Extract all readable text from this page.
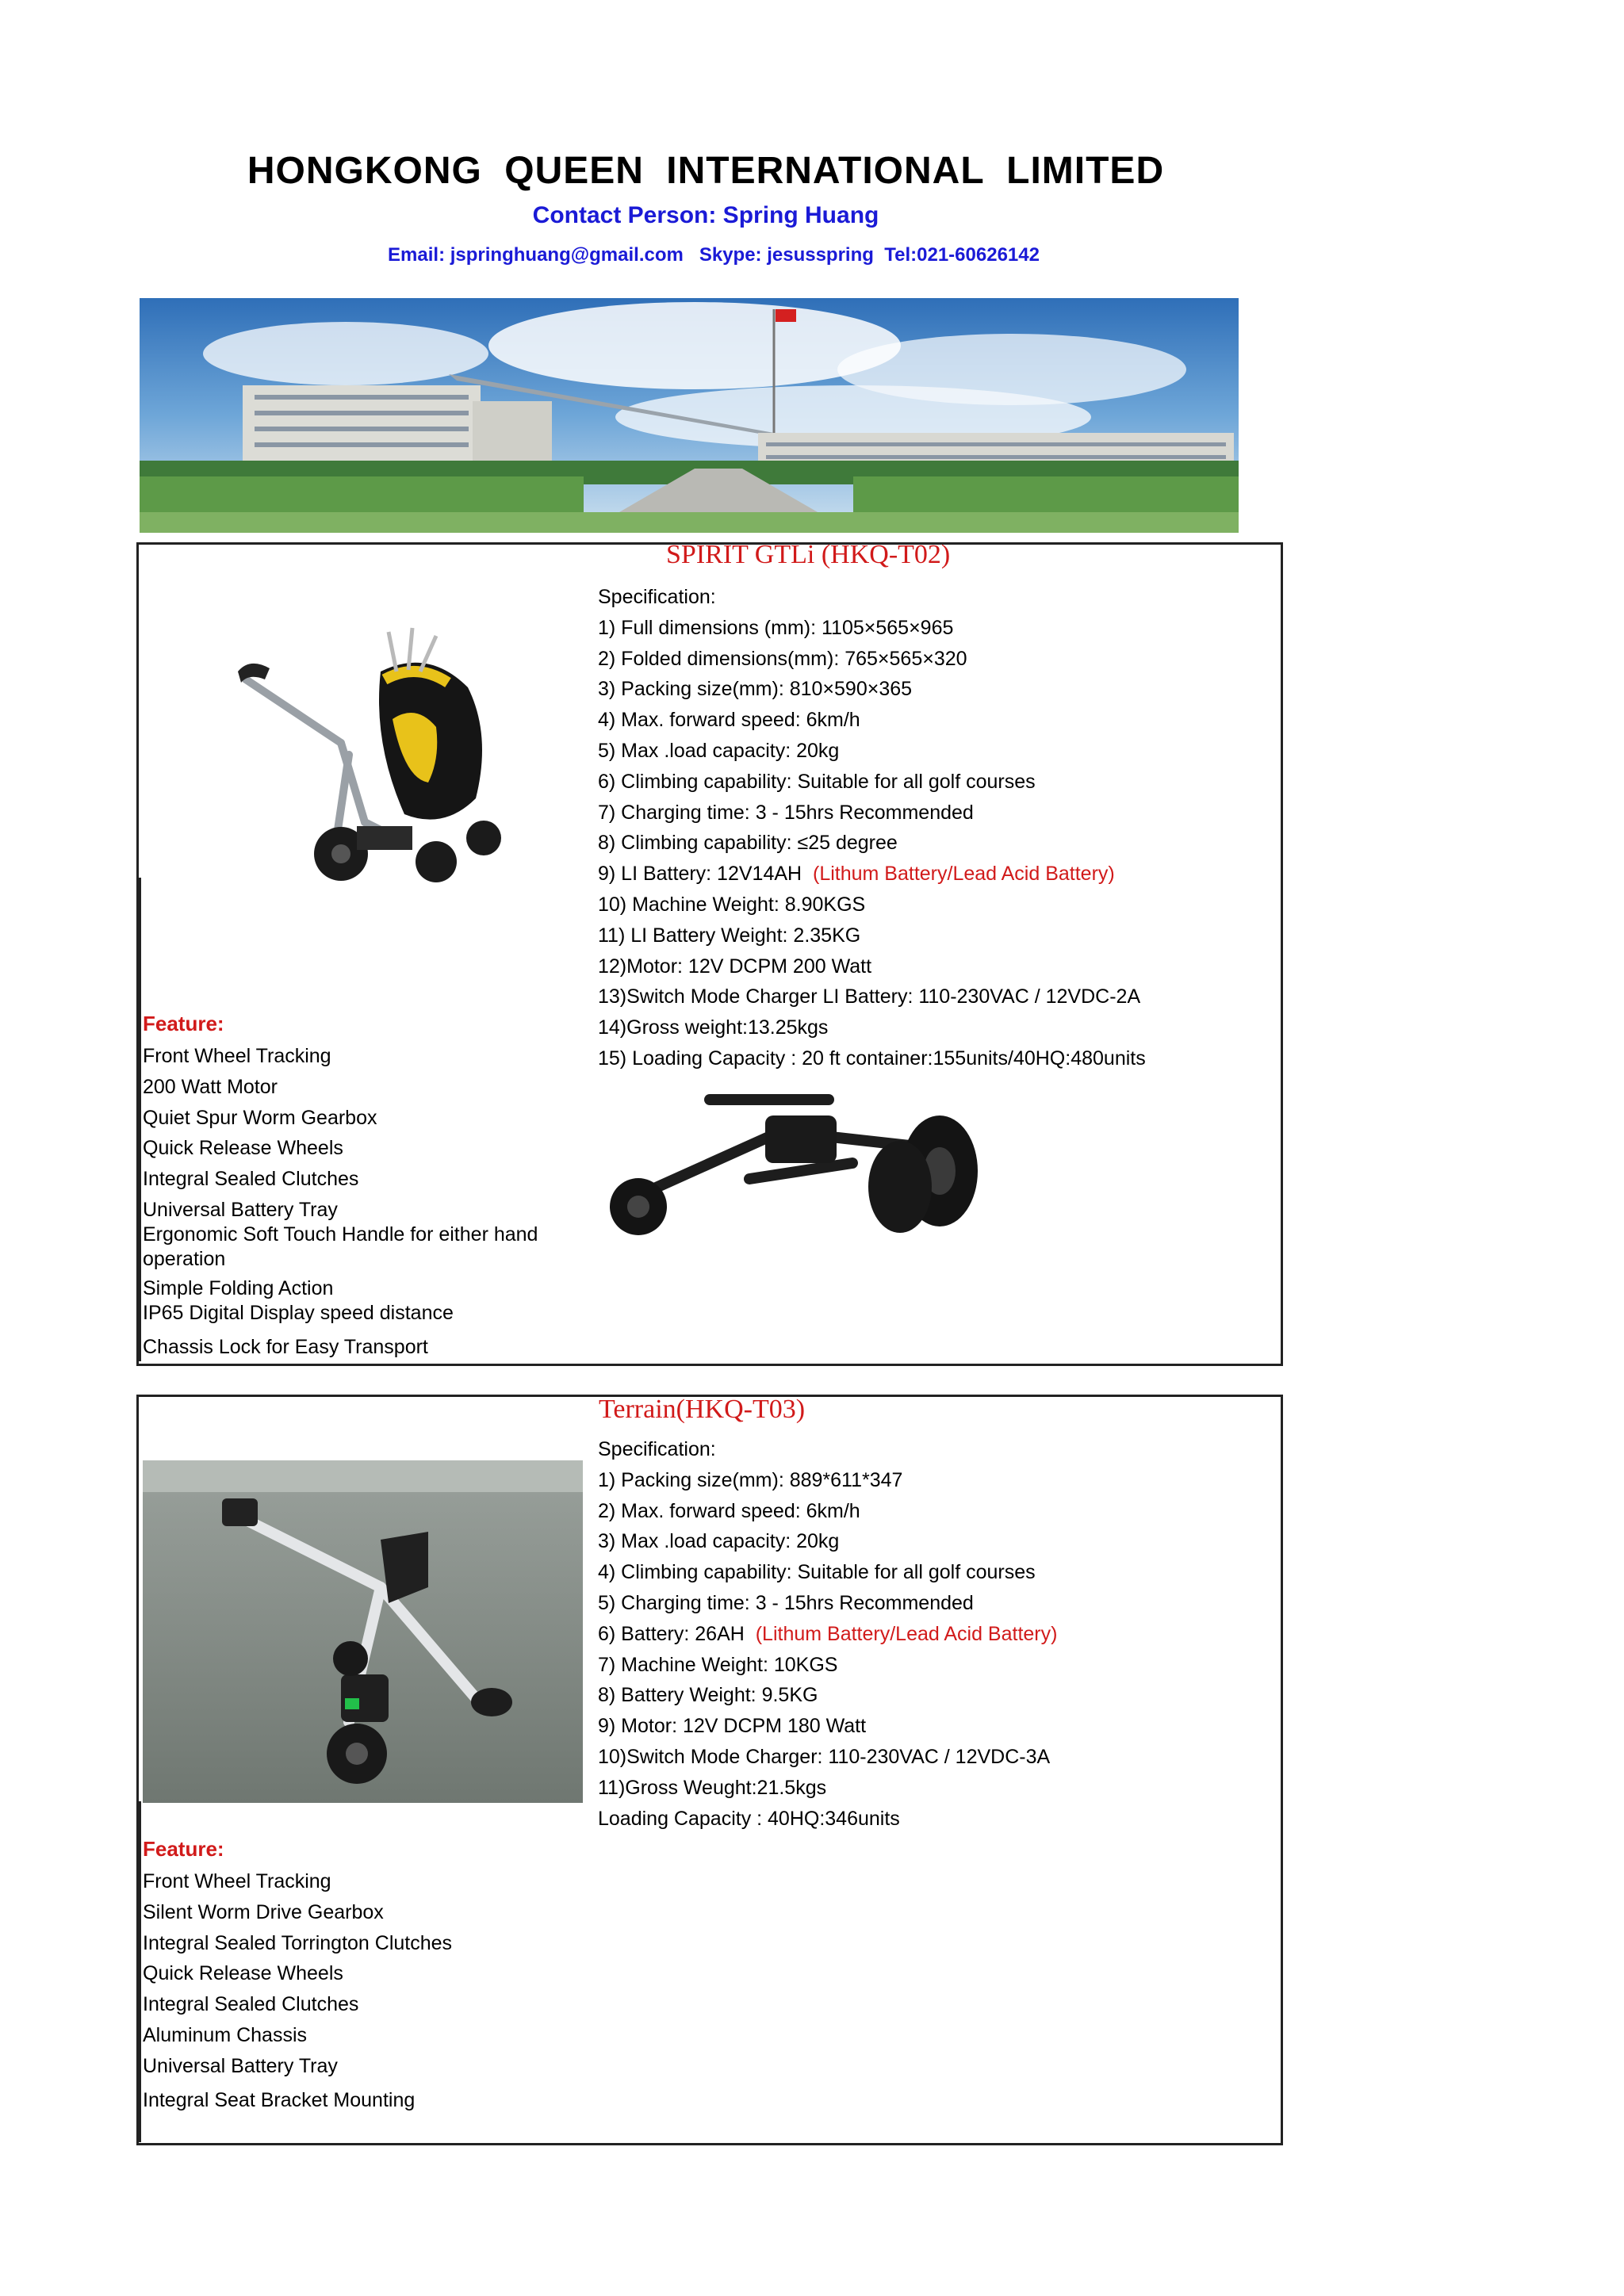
HONGKONG QUEEN INTERNATIONAL LIMITED
Contact Person: Spring Huang
Email: jspringhuang@gmail.com   Skype: jesusspring  Tel:021-60626142
SPIRIT GTLi (HKQ-T02)
Specification:
1) Full dimensions (mm): 1105×565×965
2) Folded dimensions(mm): 765×565×320
3) Packing size(mm): 810×590×365
4) Max. forward speed: 6km/h
5) Max .load capacity: 20kg
6) Climbing capability: Suitable for all golf courses
7) Charging time: 3 - 15hrs Recommended
8) Climbing capability: ≤25 degree
9) LI Battery: 12V14AH (Lithum Battery/Lead Acid Battery)
10) Machine Weight: 8.90KGS
11) LI Battery Weight: 2.35KG
12)Motor: 12V DCPM 200 Watt
13)Switch Mode Charger LI Battery: 110-230VAC / 12VDC-2A
14)Gross weight:13.25kgs
15) Loading Capacity : 20 ft container:155units/40HQ:480units
Feature:
Front Wheel Tracking
200 Watt Motor
Quiet Spur Worm Gearbox
Quick Release Wheels
Integral Sealed Clutches
Universal Battery Tray
Ergonomic Soft Touch Handle for either hand operation
Simple Folding Action
IP65 Digital Display speed distance
Chassis Lock for Easy Transport
Terrain(HKQ-T03)
Specification:
1) Packing size(mm): 889*611*347
2) Max. forward speed: 6km/h
3) Max .load capacity: 20kg
4) Climbing capability: Suitable for all golf courses
5) Charging time: 3 - 15hrs Recommended
6) Battery: 26AH (Lithum Battery/Lead Acid Battery)
7) Machine Weight: 10KGS
8) Battery Weight: 9.5KG
9) Motor: 12V DCPM 180 Watt
10)Switch Mode Charger: 110-230VAC / 12VDC-3A
11)Gross Weught:21.5kgs
Loading Capacity : 40HQ:346units
Feature:
Front Wheel Tracking
Silent Worm Drive Gearbox
Integral Sealed Torrington Clutches
Quick Release Wheels
Integral Sealed Clutches
Aluminum Chassis
Universal Battery Tray
Integral Seat Bracket Mounting
